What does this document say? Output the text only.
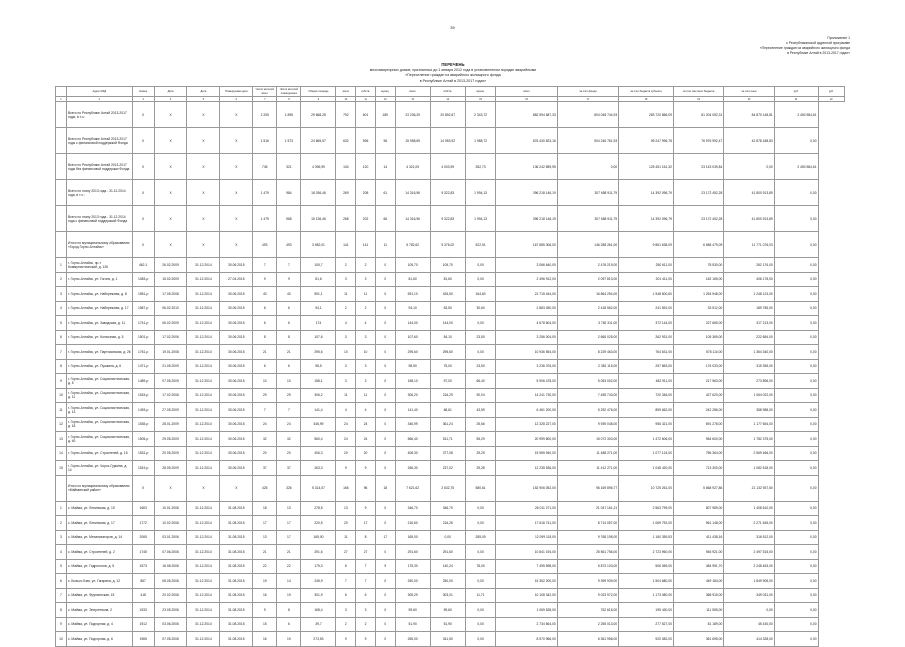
39
Приложение 1
к Республиканской адресной программе
«Переселение граждан из аварийного жилищного фонда
в Республике Алтай в 2013-2017 годах»
ПЕРЕЧЕНЬ
многоквартирных домов, признанных до 1 января 2012 года в установленном порядке аварийными
«Переселение граждан из аварийного жилищного фонда
в Республике Алтай в 2013-2017 годах»
	Адрес МКД	Номер	Дата	Дата	Планируемая дата	Число жителей всего	Число жителей планируемых	Общая площадь	всего	собств.	муниц.	всего	собств.	муниц.	всего	за счет фонда	за счет бюджета субъекта	за счет местного бюджета	за счет иных	руб.	руб.
1	2	3	4	5	6	7	8	9	10	11	12	13	14	15	16	17	18	19	20	21	22
	Всего по Республике Алтай 2013-2017 годы, в т.ч.:	X	X	X	X	2 205	1 895	29 668,28	792	601	189	23 236,29	20 892,67	2 343,72	882 594 687,33	804 048 744,93	283 720 866,09	81 204 052,31	84 870 148,81	2 450 584,61	
	Всего по Республике Алтай 2013-2017 годы с финансовой поддержкой Фонда	X	X	X	X	1 516	1 573	24 665,57	632	596	96	15 958,69	14 953,92	1 988,72	876 430 823,16	504 246 761,93	99 247 996,78	76 976 992,47	42 878 188,83	0,00	
	Всего по Республике Алтай 2013-2017 годы без финансовой поддержки Фонда	X	X	X	X	745	321	4 396,99	134	120	14	4 321,09	4 003,99	352,73	136 242 859,95	0,00	125 451 161,32	23 143 039,84	0,00	2 450 584,61	
	Всего по этапу 2013 года - 31.12.2014 года, в т.ч.:	X	X	X	X	1 479	984	18 036,46	269	208	61	14 316,96	9 322,83	1 994,13	396 218 146,19	307 658 911,79	14 392 096,79	23 172 452,28	41 800 913,89	0,00	
	Всего по этапу 2013 года - 31.12.2014 года с финансовой поддержкой Фонда	X	X	X	X	1 479	968	15 136,46	268	202	66	14 316,96	9 322,83	1 994,13	396 218 146,19	307 658 911,79	14 392 096,79	23 172 452,28	41 800 913,89	0,00	
	Итого по муниципальному образованию «Город Горно-Алтайск»	X	X	X	X	493	493	3 982,01	141	141	11	5 782,62	5 376,02	522,91	167 685 306,00	146 288 261,00	9 861 638,09	6 658 479,09	11 771 076,03	0,00	
1	г. Горно-Алтайск, пр-т Коммунистический, д. 126	462-1	26.02.2009	31.12.2014	30.06.2015	7	7	105,7	2	2	0	105,70	105,70	0,00	3 066 640,00	2 476 219,00	250 611,00	78 530,00	262 176,00	0,00	
2	г. Горно-Алтайск, ул. Гоголя, д. 1	1083-р	15.02.2009	31.12.2014	27.04.2015	9	9	81,6	3	3	0	81,60	81,60	0,00	2 496 912,00	2 097 813,00	201 411,00	162 165,00	406 178,00	0,00	
3	г. Горно-Алтайск, ул. Набережная, д. 8	1551-р	17.05.2008	31.12.2014	30.06.2015	40	40	591,1	11	11	0	591,10	426,50	164,60	21 715 444,00	16 864 254,00	1 948 600,60	1 254 948,00	1 248 124,00	0,00	
4	г. Горно-Алтайск, ул. Набережная, д. 17	1567-р	06.02.2010	31.12.2014	30.06.2015	6	6	94,1	2	2	0	94,10	63,50	30,60	2 883 450,00	2 418 562,00	241 591,00	33 512,00	189 785,00	0,00	
5	г. Горно-Алтайск, ул. Заводская, д. 11	1741-р	06.02.2009	31.12.2014	30.06.2015	6	6	174	4	4	0	144,00	144,00	0,00	4 678 604,00	3 782 311,00	372 144,00	227 665,00	317 213,00	0,00	
6	г. Горно-Алтайск, ул. Колхозная, д. 5	1501-р	17.02.2006	31.12.2014	30.06.2015	8	8	107,6	3	3	0	107,60	84,10	23,50	3 256 004,00	2 665 025,00	262 931,00	105 369,00	222 684,00	0,00	
7	г. Горно-Алтайск, ул. Партизанская, д. 26	1761-р	19.01.2008	31.12.2014	30.06.2015	21	21	295,6	10	10	0	295,60	295,60	0,00	10 936 554,00	8 229 463,00	764 631,00	578 110,00	1 364 340,00	0,00	
8	г. Горно-Алтайск, ул. Пушкина, д. 6	1471-р	21.05.2009	31.12.2014	30.06.2015	6	6	98,5	3	3	0	98,50	75,00	23,50	3 236 376,00	2 381 115,00	257 863,00	176 033,00	315 355,00	0,00	
9	г. Горно-Алтайск, ул. Социалистическая, д. 5	1489-р	07.05.2009	31.12.2014	30.06.2015	10	10	158,1	3	3	0	158,10	57,00	66,40	5 906 478,00	5 053 002,00	482 911,00	217 963,00	273 896,00	0,00	
10	г. Горно-Алтайск, ул. Социалистическая, д. 11	1515-р	17.02.2006	31.12.2014	30.06.2015	29	29	306,2	11	11	0	306,20	216,29	90,04	14 241 730,00	7 455 743,00	720 346,00	427 620,00	1 064 022,00	0,00	
11	г. Горно-Алтайск, ул. Социалистическая, д. 13	1493-р	27.05.2009	31.12.2014	30.06.2015	7	7	141,4	4	4	0	141,40	68,61	43,59	6 461 200,00	5 292 476,00	859 662,00	242 286,00	358 988,00	0,00	
12	г. Горно-Алтайск, ул. Социалистическая, д. 18	1535-р	28.01.2009	31.12.2014	30.06.2015	24	24	346,99	24	24	0	346,99	361,24	25,66	12 328 227,00	9 939 048,00	956 321,00	691 278,00	1 177 654,00	0,00	
13	г. Горно-Алтайск, ул. Социалистическая, д. 40	1505-р	29.05.2009	31.12.2014	30.06.2015	32	32	560,4	24	24	0	566,40	511,71	55,29	20 999 800,00	15 072 303,00	1 472 606,00	964 600,00	1 782 375,00	0,00	
14	г. Горно-Алтайск, ул. Строителей, д. 16	1531-р	20.05.2009	31.12.2014	30.06.2015	20	20	406,3	20	20	0	406,30	377,08	29,25	15 965 940,00	11 488 271,00	1 077 124,00	756 364,00	2 569 466,00	0,00	
15	г. Горно-Алтайск, ул. Чорос-Гуркина, д. 14	1519-р	28.05.2009	31.12.2014	30.06.2015	37	37	263,3	9	9	0	266,30	237,02	29,28	12 235 536,00	11 412 271,00	1 048 420,00	713 300,00	1 082 518,00	0,00	
	Итого по муниципальному образованию «Майминский район»	X	X	X	X	425	326	5 314,07	166	96	18	7 621,62	2 632,75	580,61	152 906 052,00	96 169 896,77	10 725 261,00	5 668 927,86	21 132 937,50	0,00	
1	с. Майма, ул. Ленинская, д. 15	1663	10.01.2006	31.12.2014	31.08.2015	18	13	278,5	13	9	0	346,70	346,70	0,00	26 011 271,00	21 047 161,21	2 563 799,00	807 989,00	1 408 610,00	0,00	
2	с. Майма, ул. Ленинская, д. 17	1772	10.02.2006	31.12.2014	31.08.2015	17	17	220,5	20	17	0	216,60	216,26	0,00	17 616 741,00	8 714 057,00	1 069 752,00	961 148,00	2 271 645,00	0,00	
3	с. Майма, ул. Механизаторов, д. 14	2065	03.01.2006	31.12.2014	31.08.2015	13	17	165,00	11	8	17	165,00	0,00	285,09	12 099 115,00	9 768 195,00	1 160 359,53	411 438,16	316 512,00	0,00	
4	с. Майма, ул. Строителей, д. 2	1745	07.06.2006	31.12.2014	31.08.2015	21	21	291,6	27	27	0	291,60	291,60	0,00	10 841 194,00	25 561 756,00	2 723 960,00	946 921,00	2 497 515,00	0,00	
5	с. Майма, ул. Гидрологов, д. 5	1573	16.08.2006	31.12.2014	31.08.2015	22	22	175,3	6	7	9	175,30	140,24	78,00	7 495 598,00	5 873 103,00	506 069,00	484 991,70	2 248 463,00	0,00	
6	с. Кызыл-Озек, ул. Гагарина, д. 12	867	08.05.2006	31.12.2014	31.08.2015	19	14	245,9	7	7	0	250,00	250,00	0,00	15 352 200,00	9 399 939,00	1 504 680,00	449 184,00	1 849 905,00	0,00	
7	с. Майма, ул. Фрунзенская, 15	418	20.02.2006	31.12.2014	31.08.2015	16	19	301,9	6	6	0	305,29	303,01	11,71	10 108 342,00	9 023 972,00	1 173 080,00	368 915,00	349 031,00	0,00	
8	с. Майма, ул. Энергетиков, 2	1933	23.05.2006	31.12.2014	31.08.2015	9	8	168,4	3	3	0	59,60	59,60	0,00	1 069 528,00	762 615,00	195 430,00	111 555,00	0,00	0,00	
9	с. Майма, ул. Подгорная, д. 4	1912	03.06.2006	31.12.2014	31.08.2015	15	6	39,7	2	2	0	51,90	51,90	0,00	2 734 664,00	2 255 013,00	277 527,00	81 189,00	45 430,00	0,00	
10	с. Майма, ул. Подгорная, д. 6	1965	07.05.2006	31.12.2014	31.08.2015	16	19	273,53	9	9	0	265,00	341,50	0,00	8 570 966,00	6 361 956,00	920 082,00	361 695,00	414 328,00	0,00	
